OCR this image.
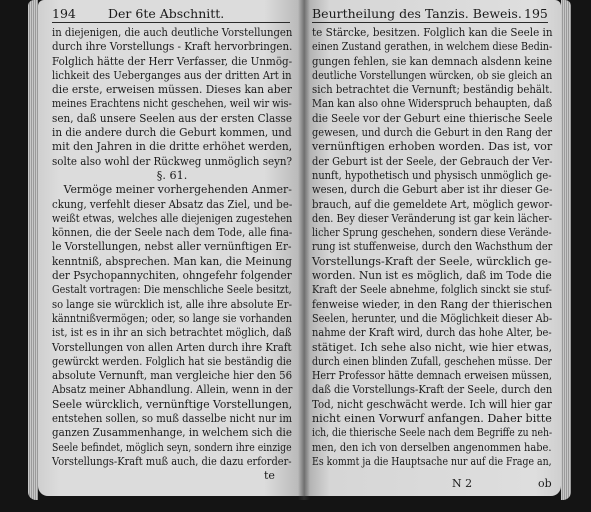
194	Der 6te Abschnitt.
in diejenigen, die auch deutliche Vorstellungen
durch ihre Vorstellungs - Kraft hervorbringen.
Folglich hätte der Herr Verfasser, die Unmög-
lichkeit des Ueberganges aus der dritten Art in
die erste, erweisen müssen. Dieses kan aber
meines Erachtens nicht geschehen, weil wir wis-
sen, daß unsere Seelen aus der ersten Classe
in die andere durch die Geburt kommen, und
mit den Jahren in die dritte erhöhet werden,
solte also wohl der Rückweg unmöglich seyn?
§. 61.
Vermöge meiner vorhergehenden Anmer-
ckung, verfehlt dieser Absatz das Ziel, und be-
weißt etwas, welches alle diejenigen zugestehen
können, die der Seele nach dem Tode, alle fina-
le Vorstellungen, nebst aller vernünftigen Er-
kenntniß, absprechen. Man kan, die Meinung
der Psychopannychiten, ohngefehr folgender
Gestalt vortragen: Die menschliche Seele besitzt,
so lange sie würcklich ist, alle ihre absolute Er-
känntnißvermögen; oder, so lange sie vorhanden
ist, ist es in ihr an sich betrachtet möglich, daß
Vorstellungen von allen Arten durch ihre Kraft
gewürckt werden. Folglich hat sie beständig die
absolute Vernunft, man vergleiche hier den 56
Absatz meiner Abhandlung. Allein, wenn in der
Seele würcklich, vernünftige Vorstellungen,
entstehen sollen, so muß dasselbe nicht nur im
ganzen Zusammenhange, in welchem sich die
Seele befindet, möglich seyn, sondern ihre einzige
Vorstellungs-Kraft muß auch, die dazu erforder-
te
Beurtheilung des Tanzis. Beweis. 195
te Stärcke, besitzen. Folglich kan die Seele in
einen Zustand gerathen, in welchem diese Bedin-
gungen fehlen, sie kan demnach alsdenn keine
deutliche Vorstellungen würcken, ob sie gleich an
sich betrachtet die Vernunft; beständig behält.
Man kan also ohne Widerspruch behaupten, daß
die Seele vor der Geburt eine thierische Seele
gewesen, und durch die Geburt in den Rang der
vernünftigen erhoben worden. Das ist, vor
der Geburt ist der Seele, der Gebrauch der Ver-
nunft, hypothetisch und physisch unmöglich ge-
wesen, durch die Geburt aber ist ihr dieser Ge-
brauch, auf die gemeldete Art, möglich gewor-
den. Bey dieser Veränderung ist gar kein lächer-
licher Sprung geschehen, sondern diese Verände-
rung ist stuffenweise, durch den Wachsthum der
Vorstellungs-Kraft der Seele, würcklich ge-
worden. Nun ist es möglich, daß im Tode die
Kraft der Seele abnehme, folglich sinckt sie stuf-
fenweise wieder, in den Rang der thierischen
Seelen, herunter, und die Möglichkeit dieser Ab-
nahme der Kraft wird, durch das hohe Alter, be-
stätiget. Ich sehe also nicht, wie hier etwas,
durch einen blinden Zufall, geschehen müsse. Der
Herr Professor hätte demnach erweisen müssen,
daß die Vorstellungs-Kraft der Seele, durch den
Tod, nicht geschwächt werde. Ich will hier gar
nicht einen Vorwurf anfangen. Daher bitte
ich, die thierische Seele nach dem Begriffe zu neh-
men, den ich von derselben angenommen habe.
Es kommt ja die Hauptsache nur auf die Frage an,
N 2	ob
